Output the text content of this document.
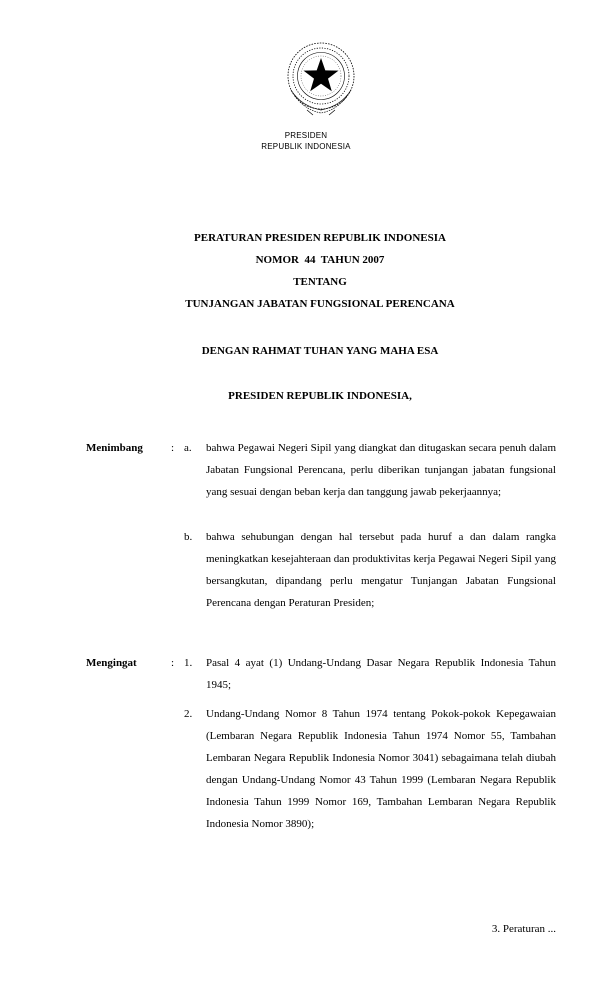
PRESIDEN
REPUBLIK INDONESIA
PERATURAN PRESIDEN REPUBLIK INDONESIA
NOMOR  44  TAHUN 2007
TENTANG
TUNJANGAN JABATAN FUNGSIONAL PERENCANA
DENGAN RAHMAT TUHAN YANG MAHA ESA
PRESIDEN REPUBLIK INDONESIA,
Menimbang	: a.	bahwa Pegawai Negeri Sipil yang diangkat dan ditugaskan secara penuh dalam Jabatan Fungsional Perencana, perlu diberikan tunjangan jabatan fungsional yang sesuai dengan beban kerja dan tanggung jawab pekerjaannya;
b.	bahwa sehubungan dengan hal tersebut pada huruf a dan dalam rangka meningkatkan kesejahteraan dan produktivitas kerja Pegawai Negeri Sipil yang bersangkutan, dipandang perlu mengatur Tunjangan Jabatan Fungsional Perencana dengan Peraturan Presiden;
Mengingat	: 1.	Pasal 4 ayat (1) Undang-Undang Dasar Negara Republik Indonesia Tahun 1945;
2.	Undang-Undang Nomor 8 Tahun 1974 tentang Pokok-pokok Kepegawaian (Lembaran Negara Republik Indonesia Tahun 1974 Nomor 55, Tambahan Lembaran Negara Republik Indonesia Nomor 3041) sebagaimana telah diubah dengan Undang-Undang Nomor 43 Tahun 1999 (Lembaran Negara Republik Indonesia Tahun 1999 Nomor 169, Tambahan Lembaran Negara Republik Indonesia Nomor 3890);
3. Peraturan ...
